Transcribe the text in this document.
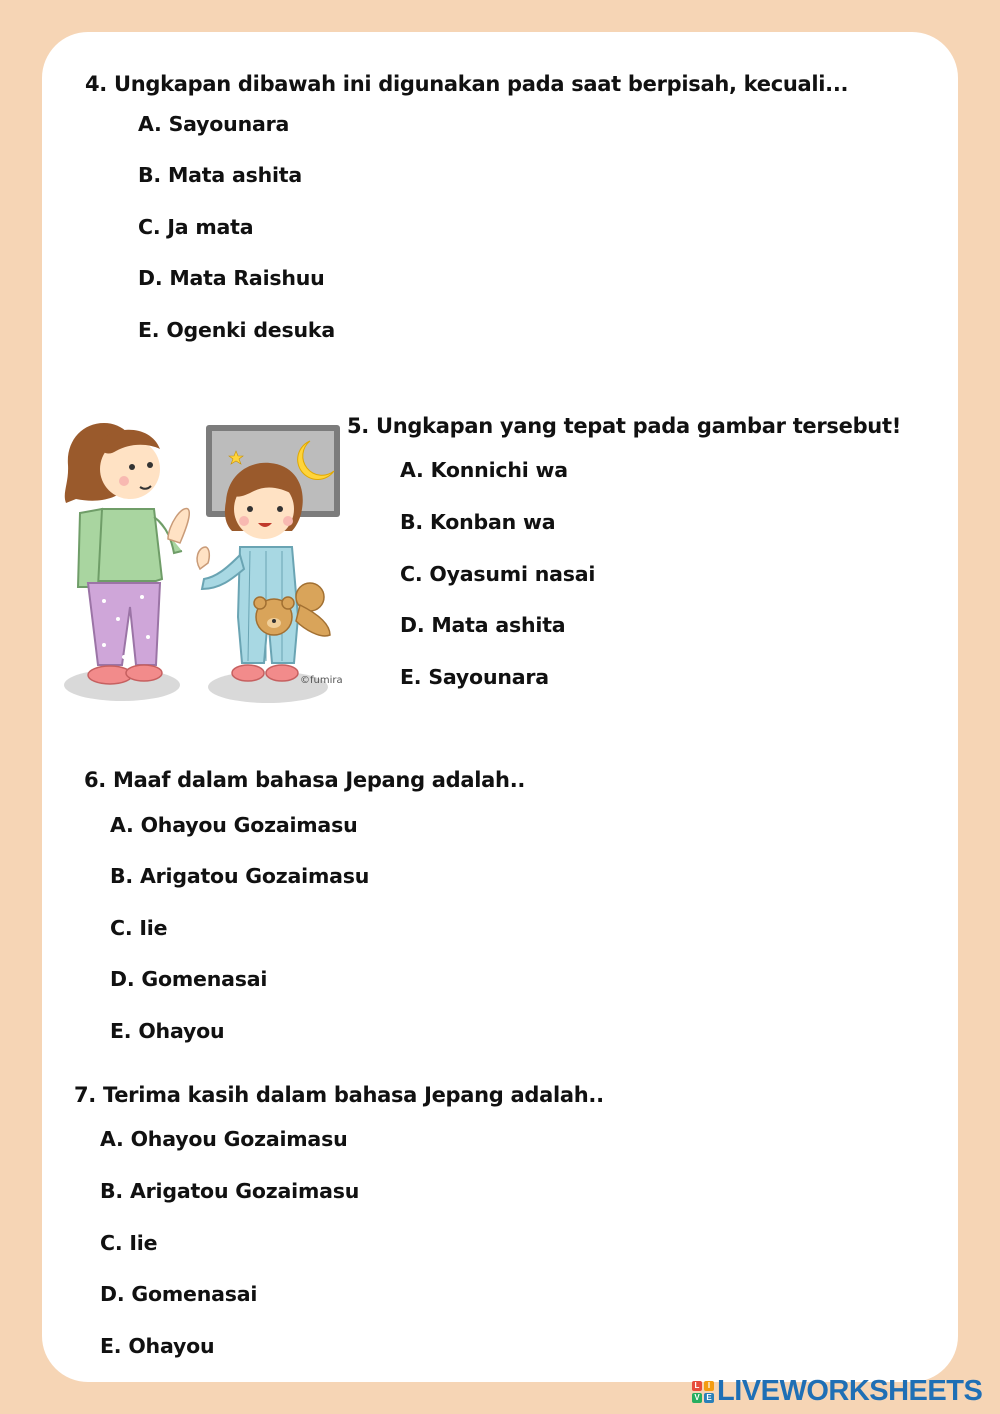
4. Ungkapan dibawah ini digunakan pada saat berpisah, kecuali...
A. Sayounara
B. Mata ashita
C. Ja mata
D. Mata Raishuu
E. Ogenki desuka
©fumira
5. Ungkapan yang tepat pada gambar tersebut!
A. Konnichi wa
B. Konban wa
C. Oyasumi nasai
D. Mata ashita
E. Sayounara
6. Maaf dalam bahasa Jepang adalah..
A. Ohayou Gozaimasu
B. Arigatou Gozaimasu
C. Iie
D. Gomenasai
E. Ohayou
7. Terima kasih dalam bahasa Jepang adalah..
A. Ohayou Gozaimasu
B. Arigatou Gozaimasu
C. Iie
D. Gomenasai
E. Ohayou
L	I
V E LIVEWORKSHEETS
